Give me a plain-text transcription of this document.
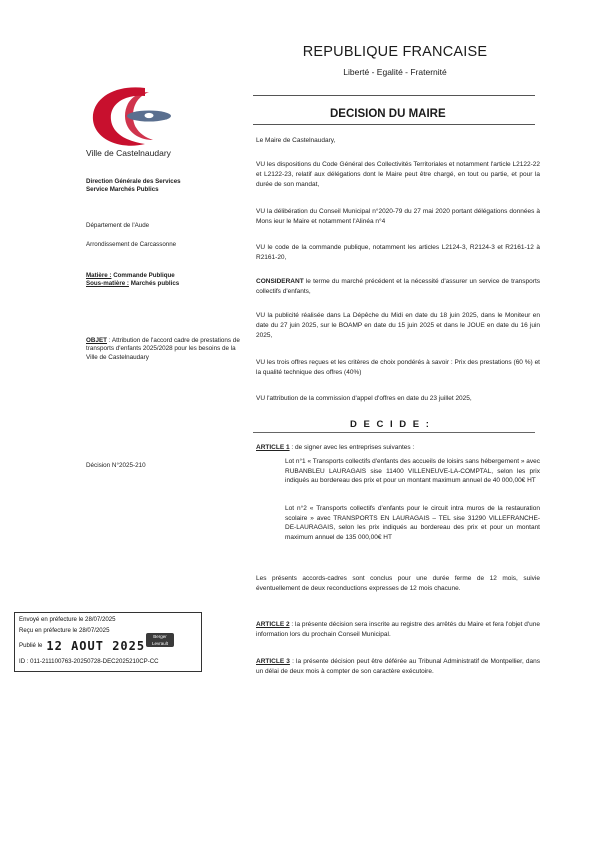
Ville de Castelnaudary
Direction Générale des Services
Service Marchés Publics
Département de l'Aude
Arrondissement de Carcassonne
Matière : Commande Publique
Sous-matière : Marchés publics
OBJET : Attribution de l'accord cadre de prestations de transports d'enfants 2025/2028 pour les besoins de la Ville de Castelnaudary
Décision N°2025-210
REPUBLIQUE FRANCAISE
Liberté - Egalité - Fraternité
DECISION DU MAIRE
Le Maire de Castelnaudary,
VU les dispositions du Code Général des Collectivités Territoriales et notamment l'article L2122-22 et L2122-23, relatif aux délégations dont le Maire peut être chargé, en tout ou partie, et pour la durée de son mandat,
VU la délibération du Conseil Municipal n°2020-79 du 27 mai 2020 portant délégations données à Mons ieur le Maire et notamment l'Alinéa n°4
VU le code de la commande publique, notamment les articles L2124-3, R2124-3 et R2161-12 à R2161-20,
CONSIDERANT le terme du marché précédent et la nécessité d'assurer un service de transports collectifs d'enfants,
VU la publicité réalisée dans La Dépêche du Midi en date du 18 juin 2025, dans le Moniteur en date du 27 juin 2025, sur le BOAMP en date du 15 juin 2025 et dans le JOUE en date du 16 juin 2025,
VU les trois offres reçues et les critères de choix pondérés à savoir : Prix des prestations (60 %) et la qualité technique des offres (40%)
VU l'attribution de la commission d'appel d'offres en date du 23 juillet 2025,
D E C I D E :
ARTICLE 1 : de signer avec les entreprises suivantes :
Lot n°1 « Transports collectifs d'enfants des accueils de loisirs sans hébergement » avec RUBANBLEU LAURAGAIS sise 11400 VILLENEUVE-LA-COMPTAL, selon les prix indiqués au bordereau des prix et pour un montant maximum annuel de 40 000,00€ HT
Lot n°2 « Transports collectifs d'enfants pour le circuit intra muros de la restauration scolaire » avec TRANSPORTS EN LAURAGAIS – TEL sise 31290 VILLEFRANCHE-DE-LAURAGAIS, selon les prix indiqués au bordereau des prix et pour un montant maximum annuel de 135 000,00€ HT
Les présents accords-cadres sont conclus pour une durée ferme de 12 mois, suivie éventuellement de deux reconductions expresses de 12 mois chacune.
ARTICLE 2 : la présente décision sera inscrite au registre des arrêtés du Maire et fera l'objet d'une information lors du prochain Conseil Municipal.
ARTICLE 3 : la présente décision peut être déférée au Tribunal Administratif de Montpellier, dans un délai de deux mois à compter de son caractère exécutoire.
Envoyé en préfecture le 28/07/2025
Reçu en préfecture le 28/07/2025
Publié le 12 AOUT 2025
Berger Levrault
ID : 011-211100763-20250728-DEC2025210CP-CC
